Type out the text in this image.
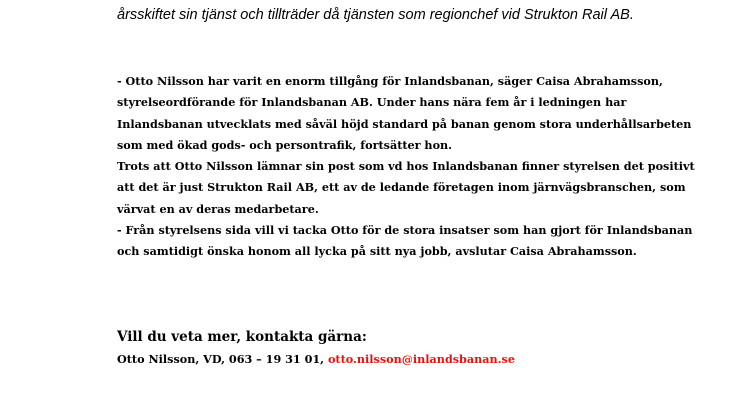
årsskiftet sin tjänst och tillträder då tjänsten som regionchef vid Strukton Rail AB.

- Otto Nilsson har varit en enorm tillgång för Inlandsbanan, säger Caisa Abrahamsson,
styrelseordförande för Inlandsbanan AB. Under hans nära fem år i ledningen har
Inlandsbanan utvecklats med såväl höjd standard på banan genom stora underhållsarbeten
som med ökad gods- och persontrafik, fortsätter hon.
Trots att Otto Nilsson lämnar sin post som vd hos Inlandsbanan finner styrelsen det positivt
att det är just Strukton Rail AB, ett av de ledande företagen inom järnvägsbranschen, som
värvat en av deras medarbetare.
- Från styrelsens sida vill vi tacka Otto för de stora insatser som han gjort för Inlandsbanan
och samtidigt önska honom all lycka på sitt nya jobb, avslutar Caisa Abrahamsson.

Vill du veta mer, kontakta gärna:

Otto Nilsson, VD, 063 – 19 31 01, otto.nilsson@inlandsbanan.se
